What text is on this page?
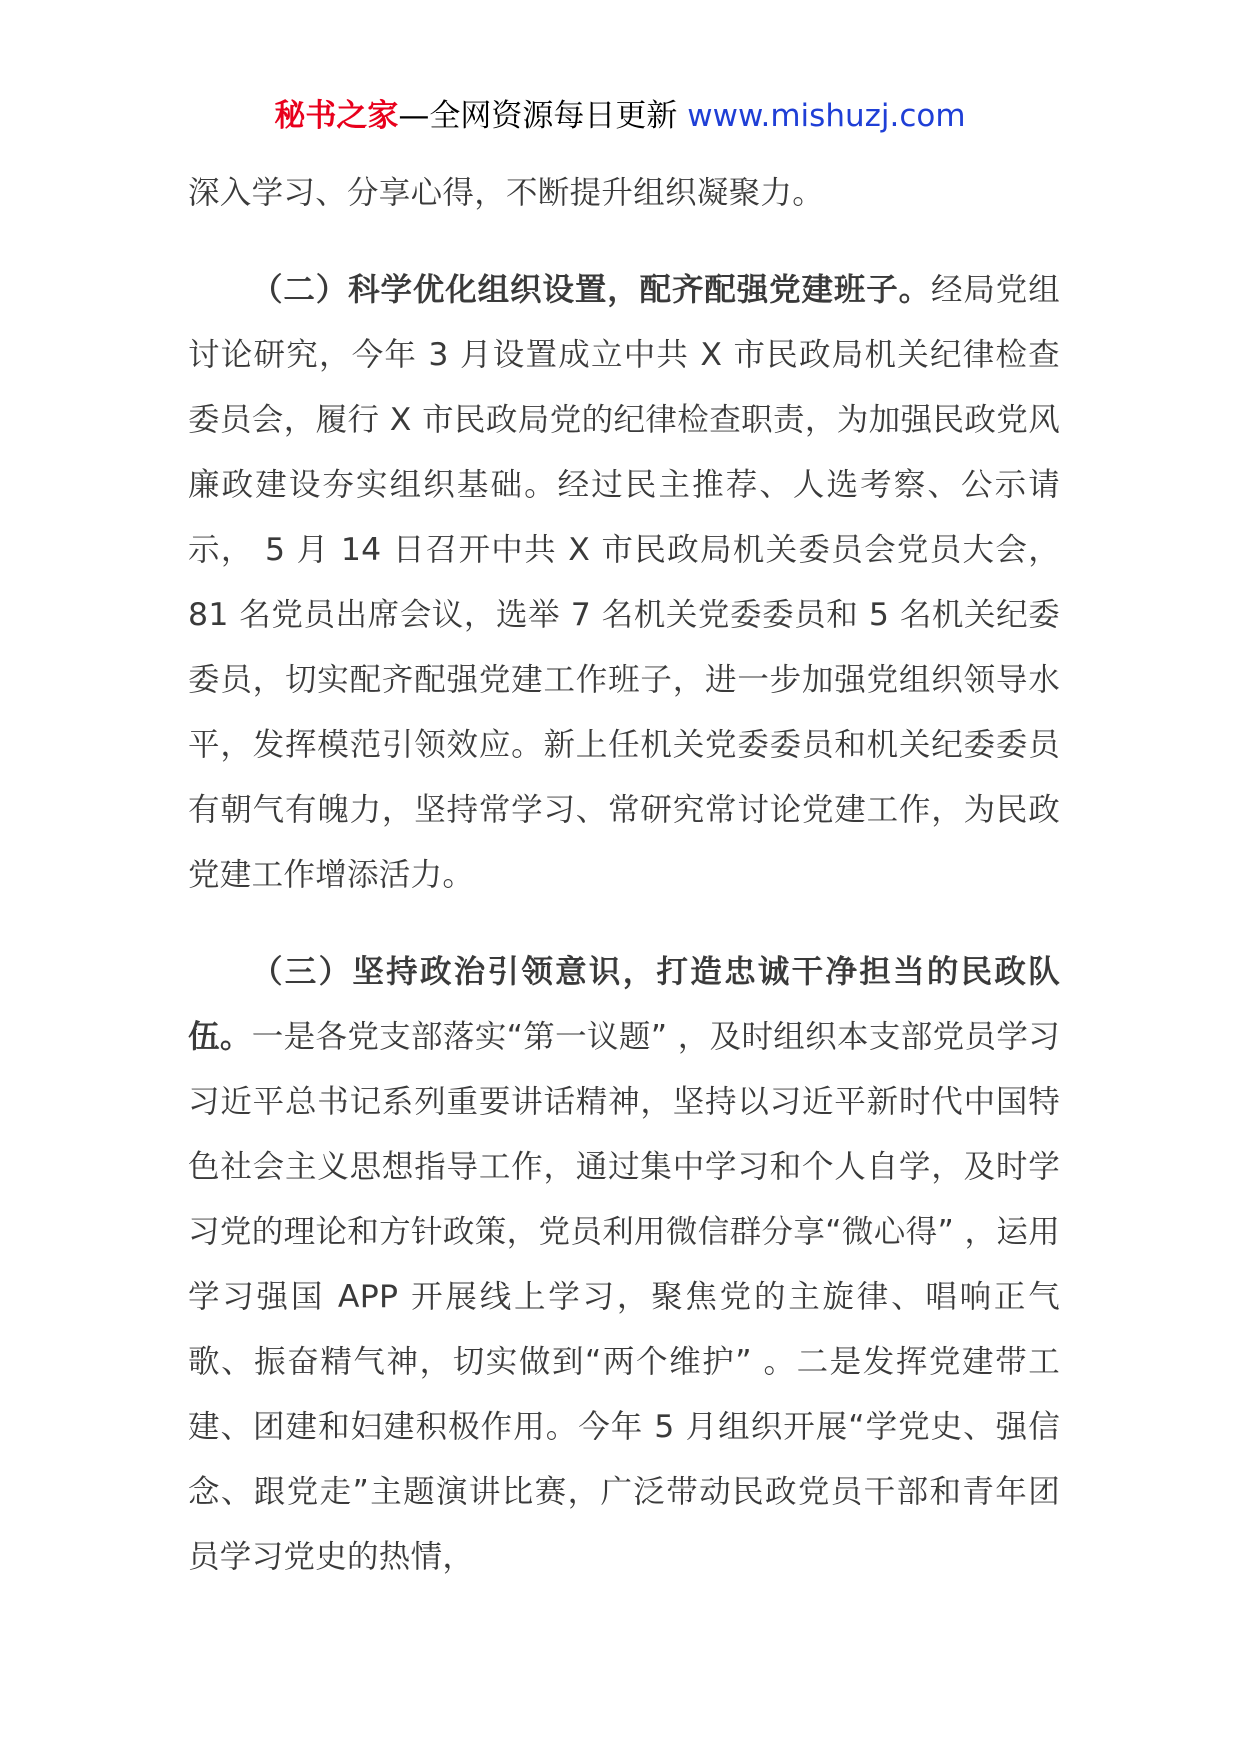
秘书之家—全网资源每日更新 www.mishuzj.com

深入学习、分享心得，不断提升组织凝聚力。

（二）科学优化组织设置，配齐配强党建班子。经局党组讨论研究，今年 3 月设置成立中共 X 市民政局机关纪律检查委员会，履行 X 市民政局党的纪律检查职责，为加强民政党风廉政建设夯实组织基础。经过民主推荐、人选考察、公示请示， 5 月 14 日召开中共 X 市民政局机关委员会党员大会，81 名党员出席会议，选举 7 名机关党委委员和 5 名机关纪委委员，切实配齐配强党建工作班子，进一步加强党组织领导水平，发挥模范引领效应。新上任机关党委委员和机关纪委委员有朝气有魄力，坚持常学习、常研究常讨论党建工作，为民政党建工作增添活力。

（三）坚持政治引领意识，打造忠诚干净担当的民政队伍。一是各党支部落实“第一议题” ，及时组织本支部党员学习习近平总书记系列重要讲话精神，坚持以习近平新时代中国特色社会主义思想指导工作，通过集中学习和个人自学，及时学习党的理论和方针政策，党员利用微信群分享“微心得” ，运用学习强国 APP 开展线上学习，聚焦党的主旋律、唱响正气歌、振奋精气神，切实做到“两个维护” 。二是发挥党建带工建、团建和妇建积极作用。今年 5 月组织开展“学党史、强信念、跟党走”主题演讲比赛，广泛带动民政党员干部和青年团员学习党史的热情，
